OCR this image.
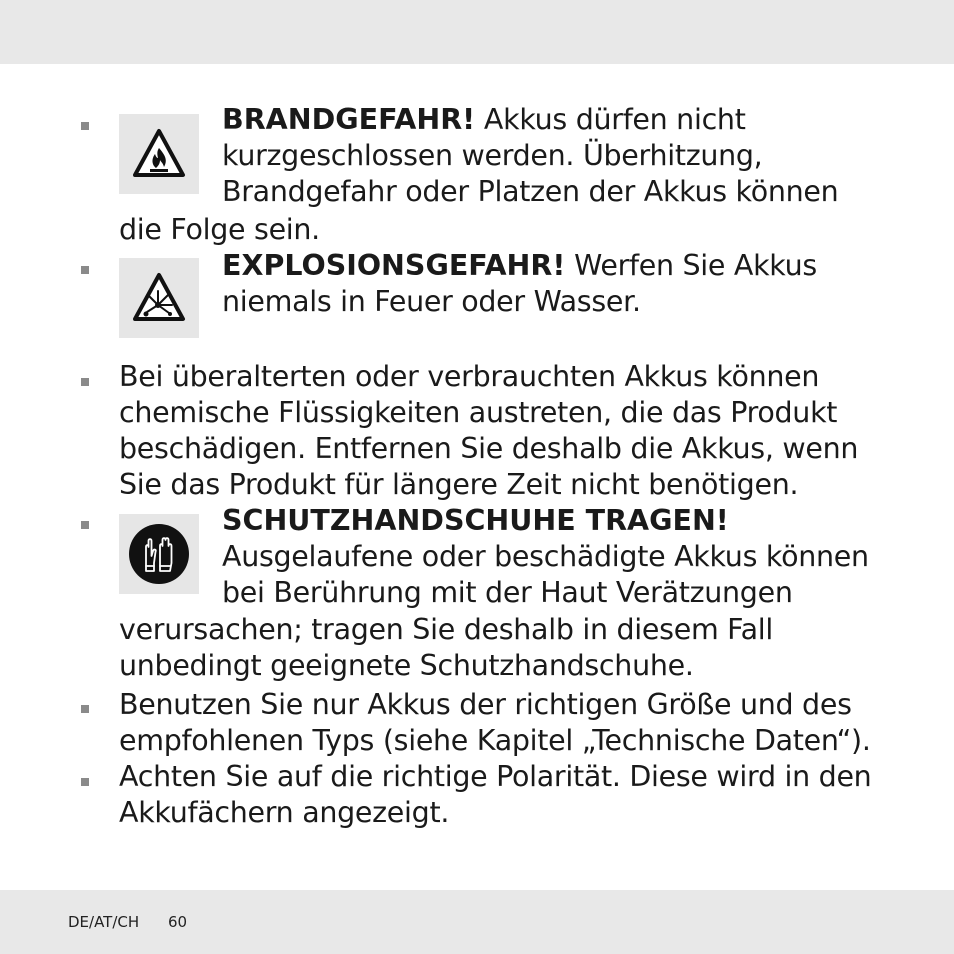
BRANDGEFAHR! Akkus dürfen nicht
kurzgeschlossen werden. Überhitzung,
Brandgefahr oder Platzen der Akkus können
die Folge sein.
EXPLOSIONSGEFAHR! Werfen Sie Akkus
niemals in Feuer oder Wasser.
Bei überalterten oder verbrauchten Akkus können
chemische Flüssigkeiten austreten, die das Produkt
beschädigen. Entfernen Sie deshalb die Akkus, wenn
Sie das Produkt für längere Zeit nicht benötigen.
SCHUTZHANDSCHUHE TRAGEN!
Ausgelaufene oder beschädigte Akkus können
bei Berührung mit der Haut Verätzungen
verursachen; tragen Sie deshalb in diesem Fall
unbedingt geeignete Schutzhandschuhe.
Benutzen Sie nur Akkus der richtigen Größe und des
empfohlenen Typs (siehe Kapitel „Technische Daten“).
Achten Sie auf die richtige Polarität. Diese wird in den
Akkufächern angezeigt.
DE/AT/CH 60
